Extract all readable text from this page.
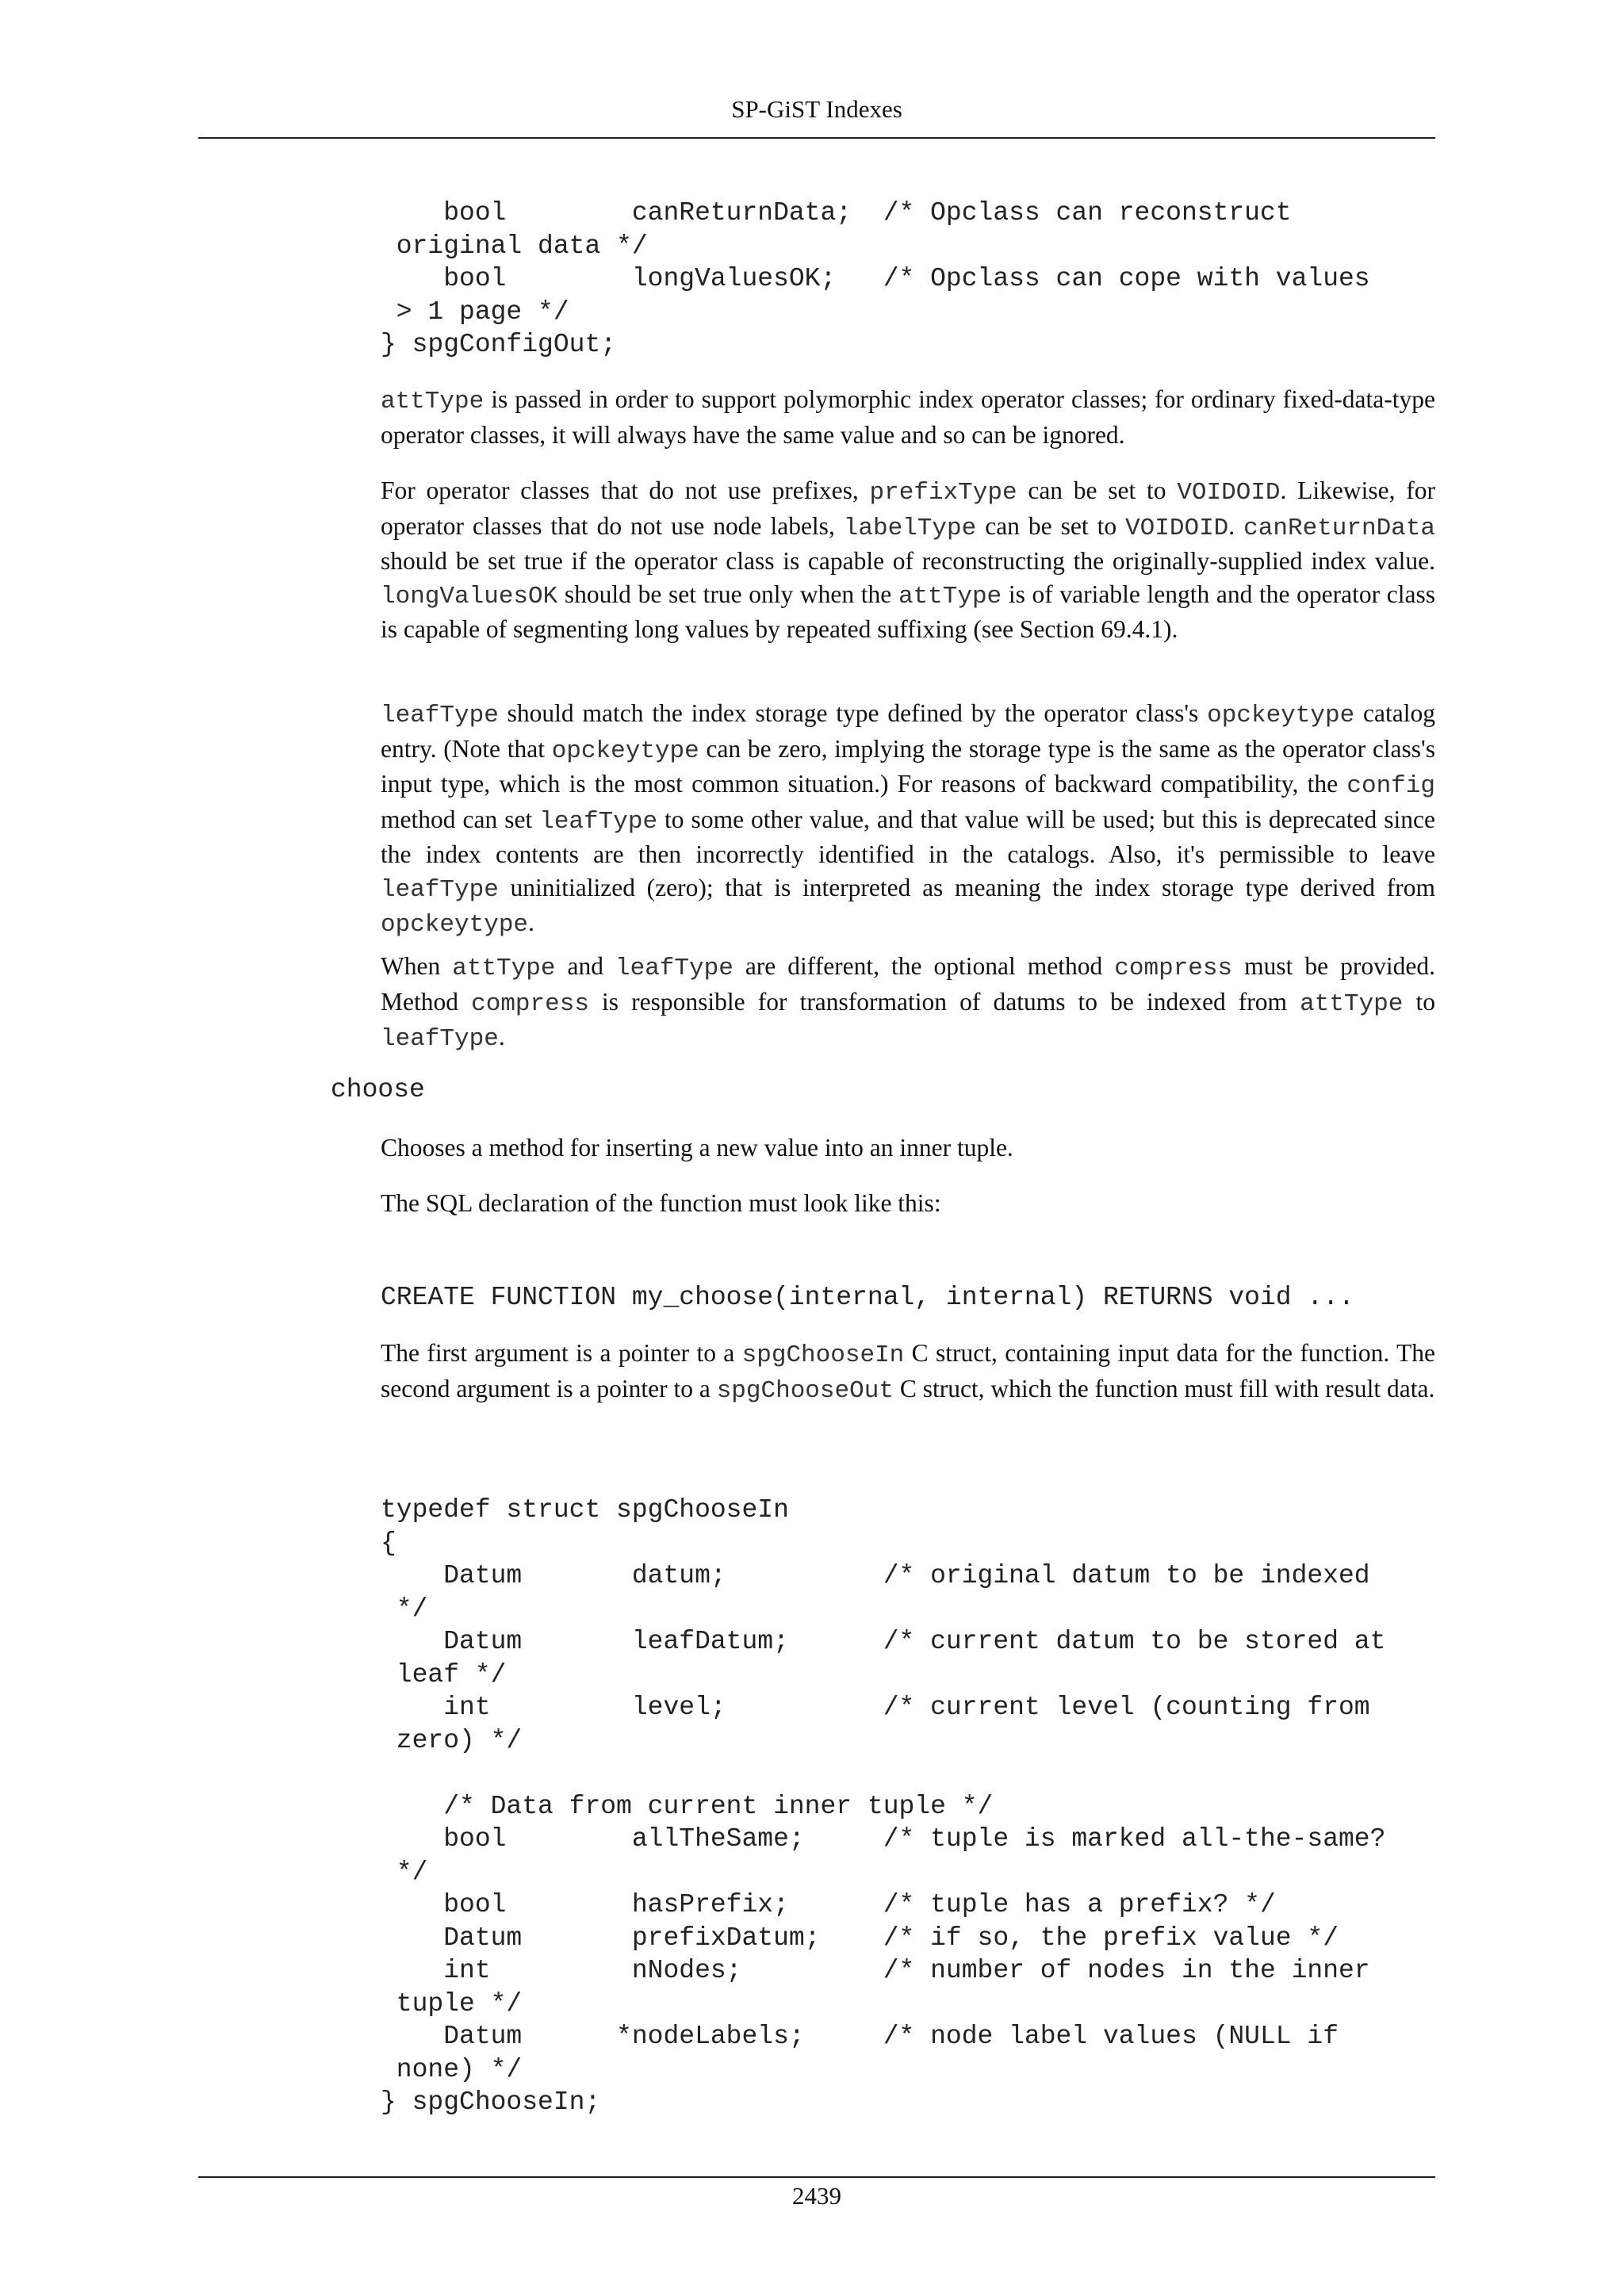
SP-GiST Indexes
bool        canReturnData;  /* Opclass can reconstruct
original data */
bool        longValuesOK;   /* Opclass can cope with values
> 1 page */
} spgConfigOut;

attType is passed in order to support polymorphic index operator classes; for ordinary fixed-data-type operator classes, it will always have the same value and so can be ignored.

For operator classes that do not use prefixes, prefixType can be set to VOIDOID. Likewise, for operator classes that do not use node labels, labelType can be set to VOIDOID. canReturnData should be set true if the operator class is capable of reconstructing the originally-supplied index value. longValuesOK should be set true only when the attType is of variable length and the operator class is capable of segmenting long values by repeated suffixing (see Section 69.4.1).

leafType should match the index storage type defined by the operator class's opckeytype catalog entry. (Note that opckeytype can be zero, implying the storage type is the same as the operator class's input type, which is the most common situation.) For reasons of backward compatibility, the config method can set leafType to some other value, and that value will be used; but this is deprecated since the index contents are then incorrectly identified in the catalogs. Also, it's permissible to leave leafType uninitialized (zero); that is interpreted as meaning the index storage type derived from opckeytype.

When attType and leafType are different, the optional method compress must be provided. Method compress is responsible for transformation of datums to be indexed from attType to leafType.

choose

Chooses a method for inserting a new value into an inner tuple.

The SQL declaration of the function must look like this:

CREATE FUNCTION my_choose(internal, internal) RETURNS void ...

The first argument is a pointer to a spgChooseIn C struct, containing input data for the function. The second argument is a pointer to a spgChooseOut C struct, which the function must fill with result data.

typedef struct spgChooseIn
{
Datum       datum;          /* original datum to be indexed
*/
Datum       leafDatum;      /* current datum to be stored at
leaf */
int         level;          /* current level (counting from
zero) */

/* Data from current inner tuple */
bool        allTheSame;     /* tuple is marked all-the-same?
*/
bool        hasPrefix;      /* tuple has a prefix? */
Datum       prefixDatum;    /* if so, the prefix value */
int         nNodes;         /* number of nodes in the inner
tuple */
Datum      *nodeLabels;     /* node label values (NULL if
none) */
} spgChooseIn;
2439
